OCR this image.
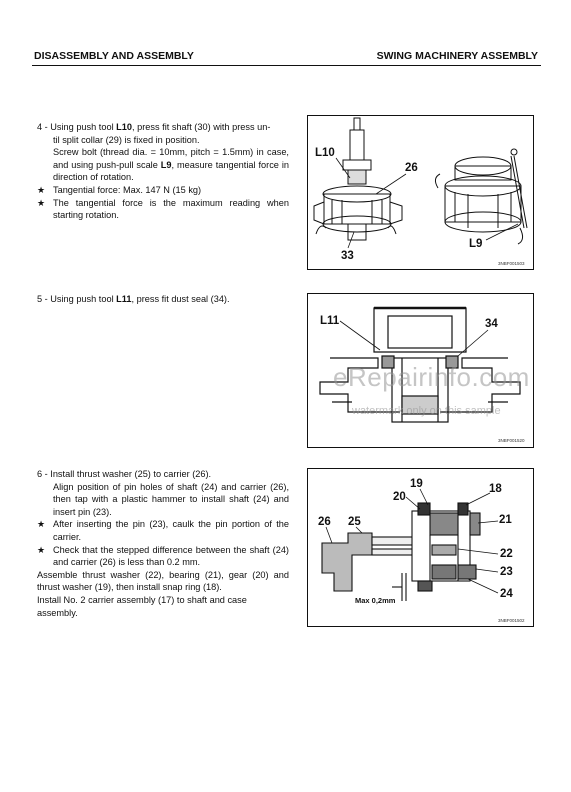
DISASSEMBLY AND ASSEMBLY	SWING MACHINERY ASSEMBLY

4 - Using push tool L10, press fit shaft (30) with press un-

til split collar (29) is fixed in position.

Screw bolt (thread dia. = 10mm, pitch = 1.5mm) in case, and using push-pull scale L9, measure tangential force in direction of rotation.

★ Tangential force: Max. 147 N (15 kg)
★ The tangential force is the maximum reading when starting rotation.
L10
26
33
L9
3NBF001503

5 - Using push tool L11, press fit dust seal (34).

L11	34
3NBF001520

6 - Install thrust washer (25) to carrier (26).

Align position of pin holes of shaft (24) and carrier (26), then tap with a plastic hammer to install shaft (24) and insert pin (23).

★ After inserting the pin (23), caulk the pin portion of the carrier.
★ Check that the stepped difference between the shaft (24) and carrier (26) is less than 0.2 mm.

Assemble thrust washer (22), bearing (21), gear (20) and thrust washer (19), then install snap ring (18).

Install No. 2 carrier assembly (17) to shaft and case assembly.

20
19	18
21
26 25
22
23
24
Max 0,2mm
3NBF001502
eRepairinfo.com
watermark only on this sample
